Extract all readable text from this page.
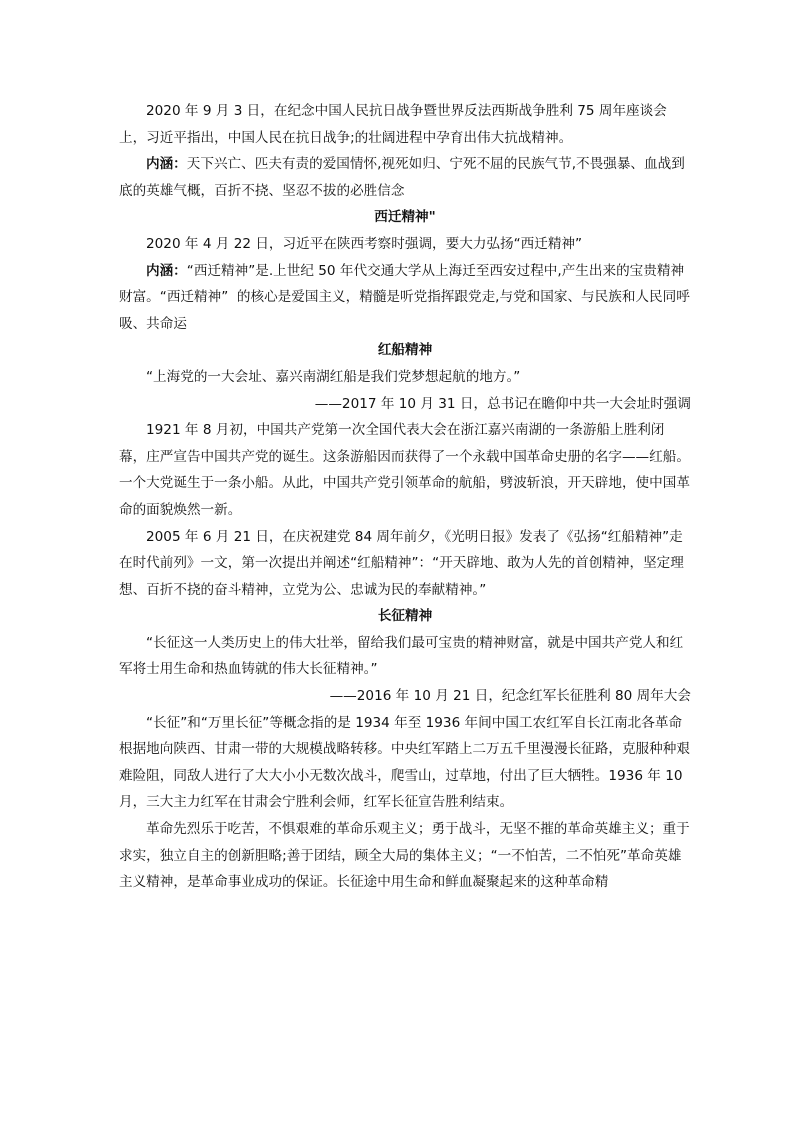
2020 年 9 月 3 日，在纪念中国人民抗日战争暨世界反法西斯战争胜利 75 周年座谈会上，习近平指出，中国人民在抗日战争;的壮阔进程中孕育出伟大抗战精神。

内涵：天下兴亡、匹夫有责的爱国情怀,视死如归、宁死不屈的民族气节,不畏强暴、血战到底的英雄气概，百折不挠、坚忍不拔的必胜信念

西迁精神"

2020 年 4 月 22 日，习近平在陕西考察时强调，要大力弘扬“西迁精神”

内涵：“西迁精神”是.上世纪 50 年代交通大学从上海迁至西安过程中,产生出来的宝贵精神财富。“西迁精神”  的核心是爱国主义，精髓是听党指挥跟党走,与党和国家、与民族和人民同呼吸、共命运

红船精神

“上海党的一大会址、嘉兴南湖红船是我们党梦想起航的地方。”

——2017 年 10 月 31 日，总书记在瞻仰中共一大会址时强调

1921 年 8 月初，中国共产党第一次全国代表大会在浙江嘉兴南湖的一条游船上胜利闭幕，庄严宣告中国共产党的诞生。这条游船因而获得了一个永载中国革命史册的名字——红船。一个大党诞生于一条小船。从此，中国共产党引领革命的航船，劈波斩浪，开天辟地，使中国革命的面貌焕然一新。

2005 年 6 月 21 日，在庆祝建党 84 周年前夕，《光明日报》发表了《弘扬“红船精神”走在时代前列》一文，第一次提出并阐述“红船精神”：“开天辟地、敢为人先的首创精神，坚定理想、百折不挠的奋斗精神，立党为公、忠诚为民的奉献精神。”

长征精神

“长征这一人类历史上的伟大壮举，留给我们最可宝贵的精神财富，就是中国共产党人和红军将士用生命和热血铸就的伟大长征精神。”

——2016 年 10 月 21 日，纪念红军长征胜利 80 周年大会

“长征”和“万里长征”等概念指的是 1934 年至 1936 年间中国工农红军自长江南北各革命根据地向陕西、甘肃一带的大规模战略转移。中央红军踏上二万五千里漫漫长征路，克服种种艰难险阻，同敌人进行了大大小小无数次战斗，爬雪山，过草地，付出了巨大牺牲。1936 年 10 月，三大主力红军在甘肃会宁胜利会师，红军长征宣告胜利结束。

革命先烈乐于吃苦，不惧艰难的革命乐观主义；勇于战斗，无坚不摧的革命英雄主义；重于求实，独立自主的创新胆略;善于团结，顾全大局的集体主义；“一不怕苦，二不怕死”革命英雄主义精神，是革命事业成功的保证。长征途中用生命和鲜血凝聚起来的这种革命精
